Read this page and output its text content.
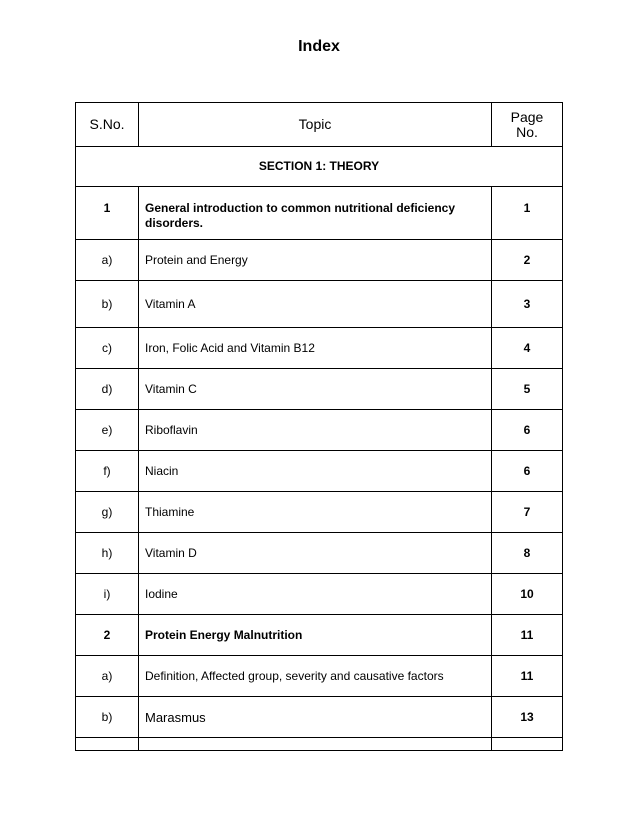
Index
S.No.	Topic	Page No.
SECTION 1: THEORY		
1	General introduction to common nutritional deficiency disorders.	1
a)	Protein and Energy	2
b)	Vitamin A	3
c)	Iron, Folic Acid and Vitamin B12	4
d)	Vitamin C	5
e)	Riboflavin	6
f)	Niacin	6
g)	Thiamine	7
h)	Vitamin D	8
i)	Iodine	10
2	Protein Energy Malnutrition	11
a)	Definition, Affected group, severity and causative factors	11
b)	Marasmus	13
